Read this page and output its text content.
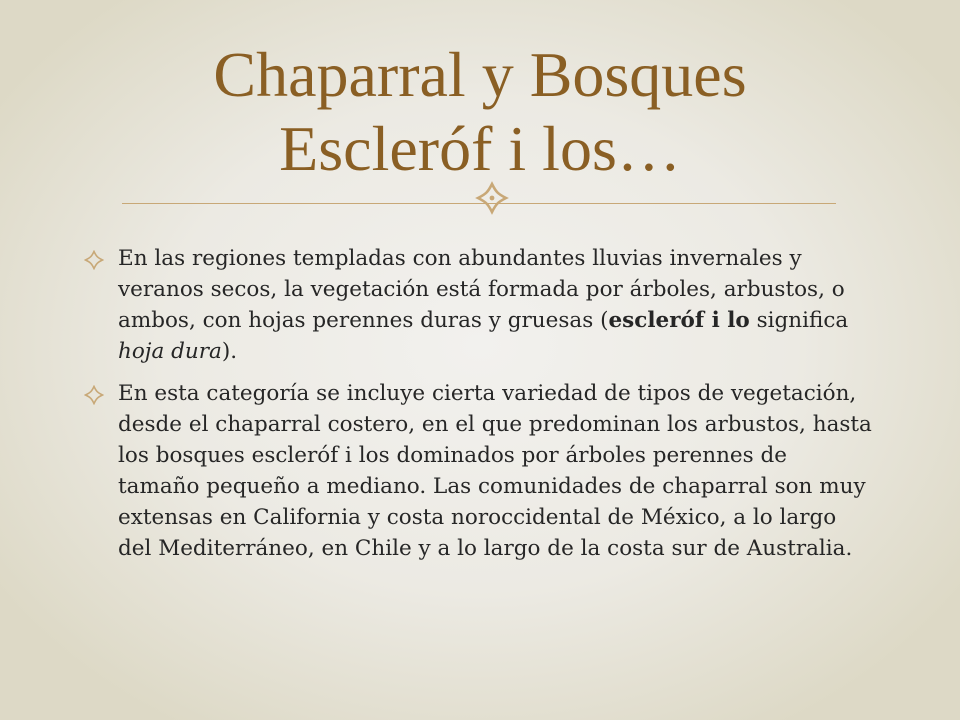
Chaparral y Bosques
Escleróf i los…
En las regiones templadas con abundantes lluvias invernales y veranos secos, la vegetación está formada por árboles, arbustos, o ambos, con hojas perennes duras y gruesas (escleróf i lo significa hoja dura).
En esta categoría se incluye cierta variedad de tipos de vegetación, desde el chaparral costero, en el que predominan los arbustos, hasta los bosques escleróf i los dominados por árboles perennes de tamaño pequeño a mediano. Las comunidades de chaparral son muy extensas en California y costa noroccidental de México, a lo largo del Mediterráneo, en Chile y a lo largo de la costa sur de Australia.
